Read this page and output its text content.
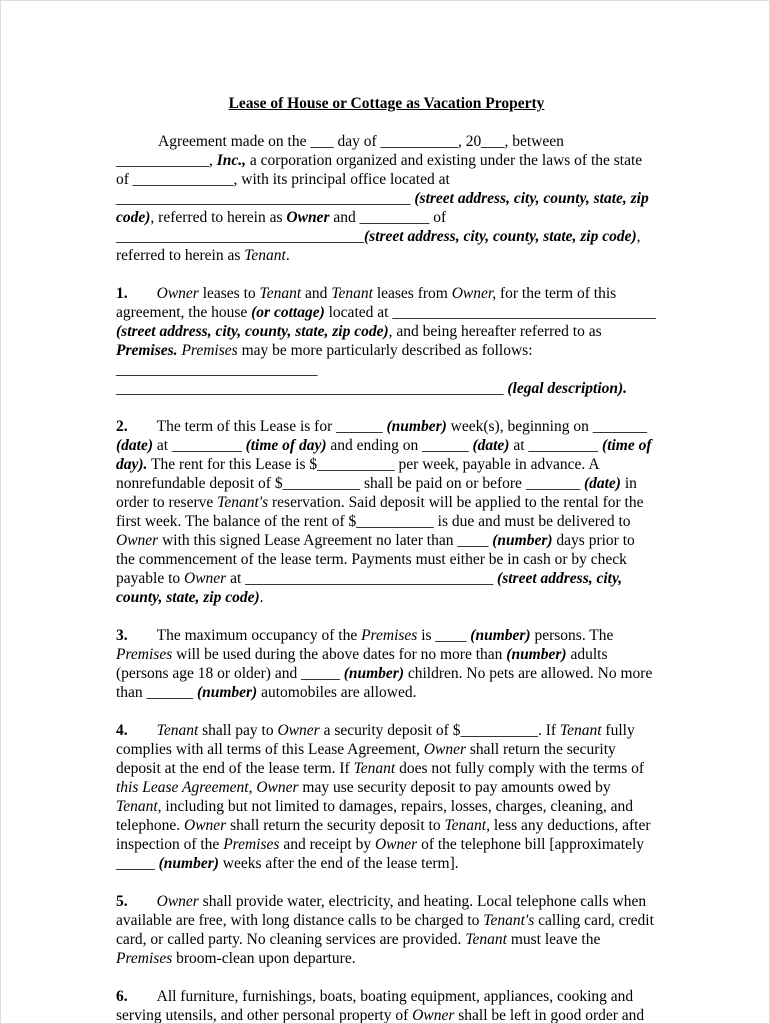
Lease of House or Cottage as Vacation Property

Agreement made on the ___ day of __________, 20___, between ____________, Inc., a corporation organized and existing under the laws of the state of _____________, with its principal office located at ______________________________________ (street address, city, county, state, zip code), referred to herein as Owner and _________ of ________________________________(street address, city, county, state, zip code), referred to herein as Tenant.

1. Owner leases to Tenant and Tenant leases from Owner, for the term of this agreement, the house (or cottage) located at __________________________________ (street address, city, county, state, zip code), and being hereafter referred to as Premises. Premises may be more particularly described as follows: __________________________ __________________________________________________ (legal description).

2. The term of this Lease is for ______ (number) week(s), beginning on _______ (date) at _________ (time of day) and ending on ______ (date) at _________ (time of day). The rent for this Lease is $__________ per week, payable in advance. A nonrefundable deposit of $__________ shall be paid on or before _______ (date) in order to reserve Tenant's reservation. Said deposit will be applied to the rental for the first week. The balance of the rent of $__________ is due and must be delivered to Owner with this signed Lease Agreement no later than ____ (number) days prior to the commencement of the lease term. Payments must either be in cash or by check payable to Owner at ________________________________ (street address, city, county, state, zip code).

3. The maximum occupancy of the Premises is ____ (number) persons. The Premises will be used during the above dates for no more than (number) adults (persons age 18 or older) and _____ (number) children. No pets are allowed. No more than ______ (number) automobiles are allowed.

4. Tenant shall pay to Owner a security deposit of $__________. If Tenant fully complies with all terms of this Lease Agreement, Owner shall return the security deposit at the end of the lease term. If Tenant does not fully comply with the terms of this Lease Agreement, Owner may use security deposit to pay amounts owed by Tenant, including but not limited to damages, repairs, losses, charges, cleaning, and telephone. Owner shall return the security deposit to Tenant, less any deductions, after inspection of the Premises and receipt by Owner of the telephone bill [approximately _____ (number) weeks after the end of the lease term].

5. Owner shall provide water, electricity, and heating. Local telephone calls when available are free, with long distance calls to be charged to Tenant's calling card, credit card, or called party. No cleaning services are provided. Tenant must leave the Premises broom-clean upon departure.

6. All furniture, furnishings, boats, boating equipment, appliances, cooking and serving utensils, and other personal property of Owner shall be left in good order and
